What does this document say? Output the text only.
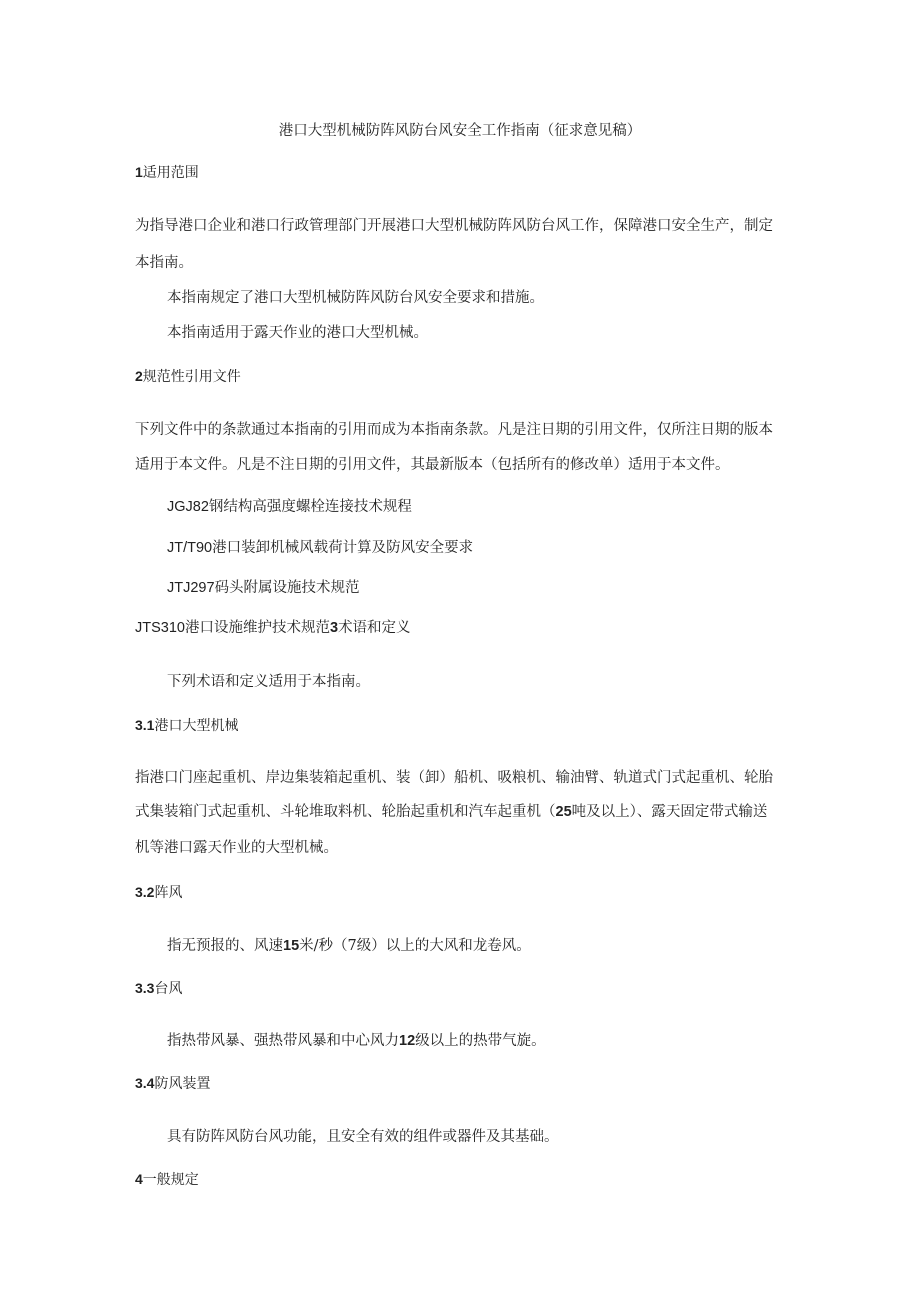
港口大型机械防阵风防台风安全工作指南（征求意见稿）
1适用范围
为指导港口企业和港口行政管理部门开展港口大型机械防阵风防台风工作，保障港口安全生产，制定
本指南。
本指南规定了港口大型机械防阵风防台风安全要求和措施。
本指南适用于露天作业的港口大型机械。
2规范性引用文件
下列文件中的条款通过本指南的引用而成为本指南条款。凡是注日期的引用文件，仅所注日期的版本
适用于本文件。凡是不注日期的引用文件，其最新版本（包括所有的修改单）适用于本文件。
JGJ82钢结构高强度螺栓连接技术规程
JT/T90港口装卸机械风载荷计算及防风安全要求
JTJ297码头附属设施技术规范
JTS310港口设施维护技术规范3术语和定义
下列术语和定义适用于本指南。
3.1港口大型机械
指港口门座起重机、岸边集装箱起重机、装（卸）船机、吸粮机、输油臂、轨道式门式起重机、轮胎
式集装箱门式起重机、斗轮堆取料机、轮胎起重机和汽车起重机（25吨及以上）、露天固定带式输送
机等港口露天作业的大型机械。
3.2阵风
指无预报的、风速15米/秒（7级）以上的大风和龙卷风。
3.3台风
指热带风暴、强热带风暴和中心风力12级以上的热带气旋。
3.4防风装置
具有防阵风防台风功能，且安全有效的组件或器件及其基础。
4一般规定
